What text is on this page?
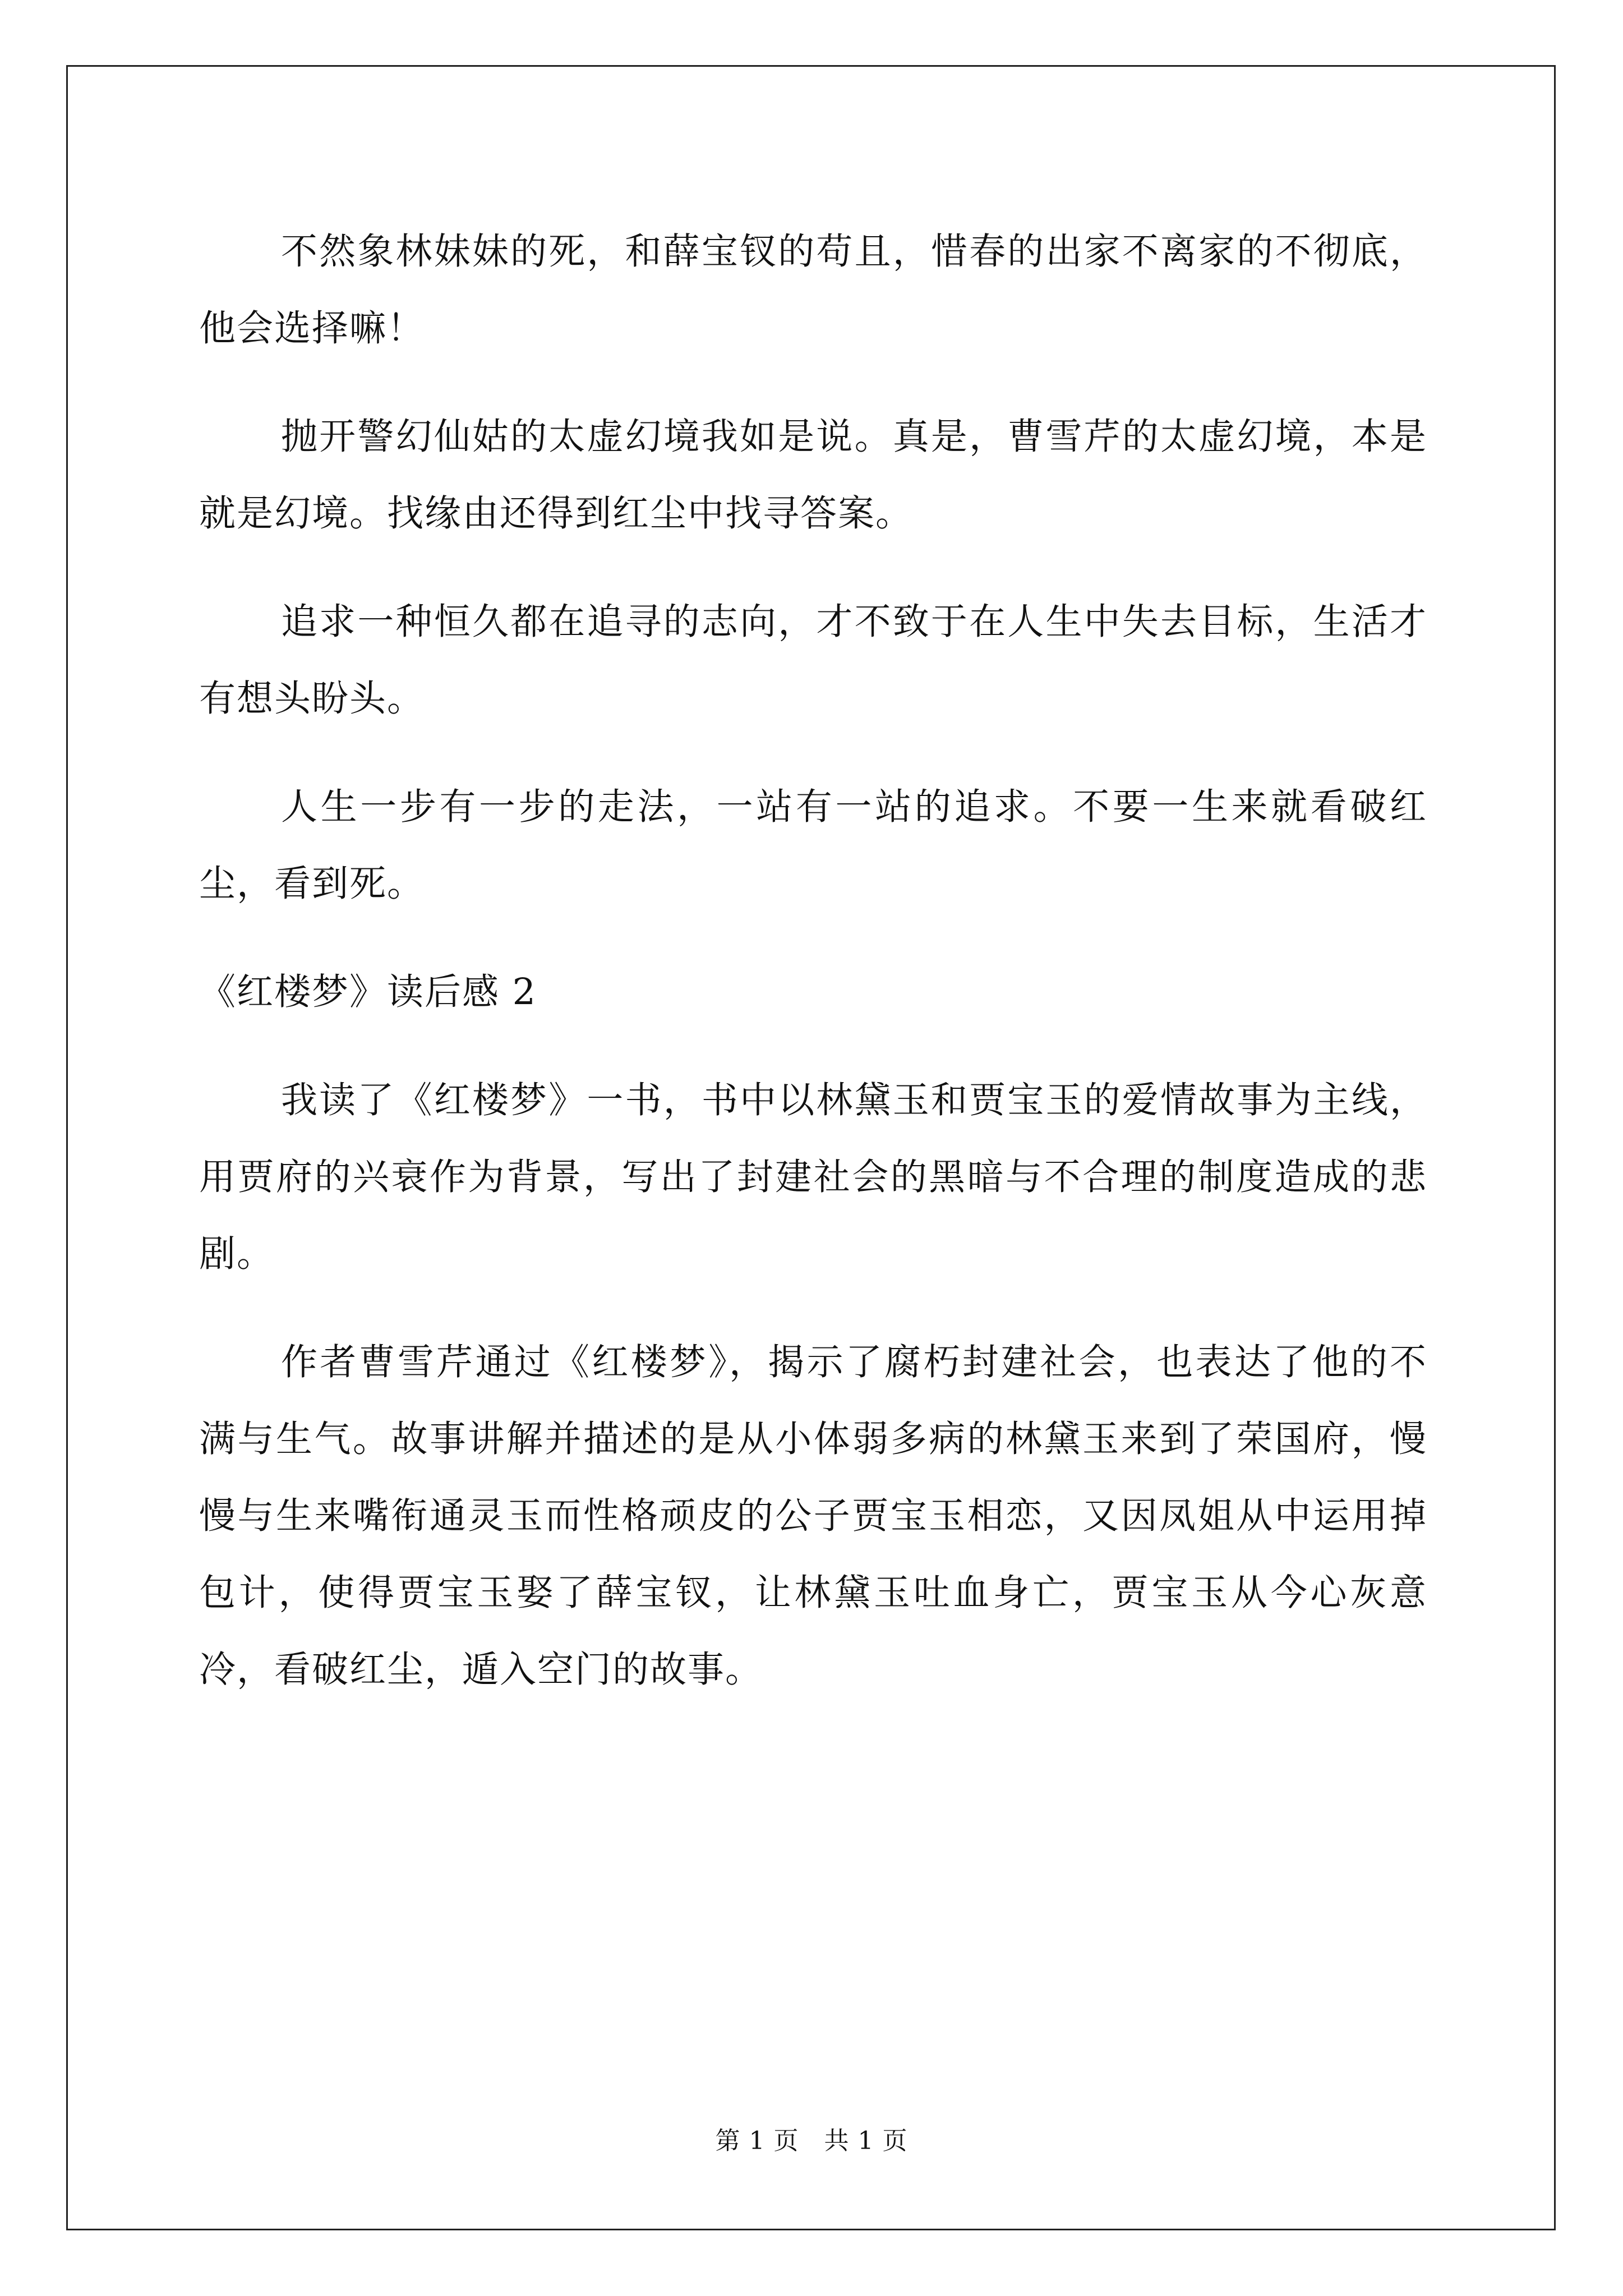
不然象林妹妹的死，和薛宝钗的苟且，惜春的出家不离家的不彻底，他会选择嘛！

抛开警幻仙姑的太虚幻境我如是说。真是，曹雪芹的太虚幻境，本是就是幻境。找缘由还得到红尘中找寻答案。

追求一种恒久都在追寻的志向，才不致于在人生中失去目标，生活才有想头盼头。

人生一步有一步的走法，一站有一站的追求。不要一生来就看破红尘，看到死。

《红楼梦》读后感 2

我读了《红楼梦》一书，书中以林黛玉和贾宝玉的爱情故事为主线，用贾府的兴衰作为背景，写出了封建社会的黑暗与不合理的制度造成的悲剧。

作者曹雪芹通过《红楼梦》，揭示了腐朽封建社会，也表达了他的不满与生气。故事讲解并描述的是从小体弱多病的林黛玉来到了荣国府，慢慢与生来嘴衔通灵玉而性格顽皮的公子贾宝玉相恋，又因凤姐从中运用掉包计，使得贾宝玉娶了薛宝钗，让林黛玉吐血身亡，贾宝玉从今心灰意冷，看破红尘，遁入空门的故事。

第 1 页　共 1 页
